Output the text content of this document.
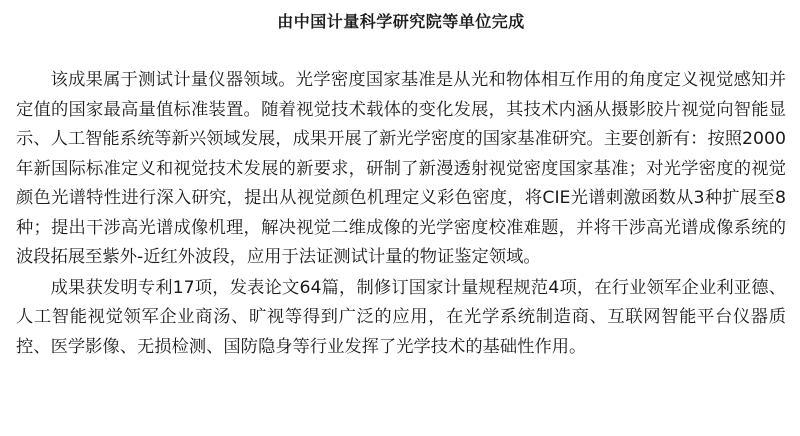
由中国计量科学研究院等单位完成

该成果属于测试计量仪器领域。光学密度国家基准是从光和物体相互作用的角度定义视觉感知并定值的国家最高量值标准装置。随着视觉技术载体的变化发展，其技术内涵从摄影胶片视觉向智能显示、人工智能系统等新兴领域发展，成果开展了新光学密度的国家基准研究。主要创新有：按照2000年新国际标准定义和视觉技术发展的新要求，研制了新漫透射视觉密度国家基准；对光学密度的视觉颜色光谱特性进行深入研究，提出从视觉颜色机理定义彩色密度，将CIE光谱刺激函数从3种扩展至8种；提出干涉高光谱成像机理，解决视觉二维成像的光学密度校准难题，并将干涉高光谱成像系统的波段拓展至紫外-近红外波段，应用于法证测试计量的物证鉴定领域。

成果获发明专利17项，发表论文64篇，制修订国家计量规程规范4项，在行业领军企业利亚德、人工智能视觉领军企业商汤、旷视等得到广泛的应用，在光学系统制造商、互联网智能平台仪器质控、医学影像、无损检测、国防隐身等行业发挥了光学技术的基础性作用。
